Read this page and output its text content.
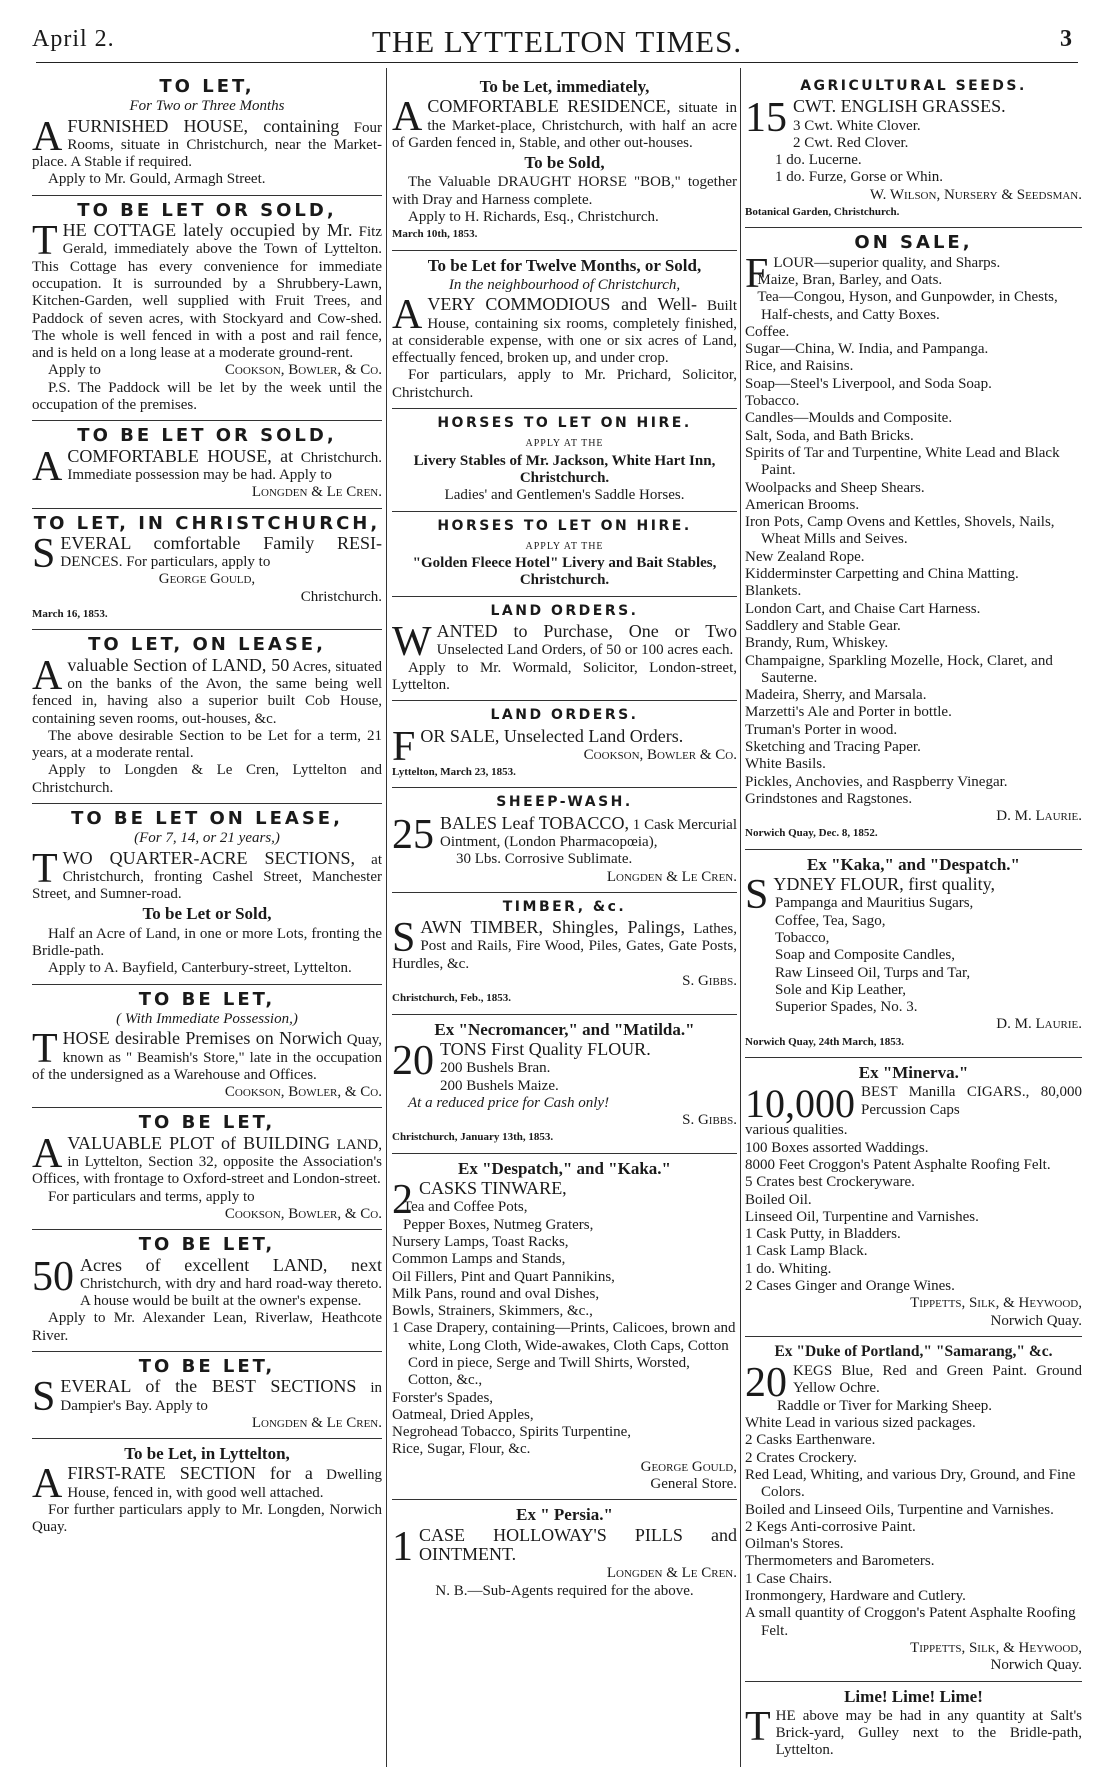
April 2.	THE LYTTELTON TIMES.	3
TO LET,
For Two or Three Months
AFURNISHED HOUSE, containing Four Rooms, situate in Christchurch, near the Market-place. A Stable if required.
Apply to Mr. Gould, Armagh Street.
TO BE LET OR SOLD,
THE COTTAGE lately occupied by Mr. Fitz Gerald, immediately above the Town of Lyttelton. This Cottage has every convenience for immediate occupation. It is surrounded by a Shrubbery-Lawn, Kitchen-Garden, well supplied with Fruit Trees, and Paddock of seven acres, with Stockyard and Cow-shed. The whole is well fenced in with a post and rail fence, and is held on a long lease at a moderate ground-rent.
Apply to	Cookson, Bowler, & Co.
P.S. The Paddock will be let by the week until the occupation of the premises.
TO BE LET OR SOLD,
ACOMFORTABLE HOUSE, at Christchurch. Immediate possession may be had. Apply to
Longden & Le Cren.
TO LET, IN CHRISTCHURCH,
SEVERAL comfortable Family RESI- DENCES. For particulars, apply to
George Gould,
Christchurch.
March 16, 1853.
TO LET, ON LEASE,
Avaluable Section of LAND, 50 Acres, situated on the banks of the Avon, the same being well fenced in, having also a superior built Cob House, containing seven rooms, out-houses, &c.
The above desirable Section to be Let for a term, 21 years, at a moderate rental.
Apply to Longden & Le Cren, Lyttelton and Christchurch.
TO BE LET ON LEASE,
(For 7, 14, or 21 years,)
TWO QUARTER-ACRE SECTIONS, at Christchurch, fronting Cashel Street, Manchester Street, and Sumner-road.
To be Let or Sold,
Half an Acre of Land, in one or more Lots, fronting the Bridle-path.
Apply to A. Bayfield, Canterbury-street, Lyttelton.
TO BE LET,
( With Immediate Possession,)
THOSE desirable Premises on Norwich Quay, known as " Beamish's Store," late in the occupation of the undersigned as a Warehouse and Offices.
Cookson, Bowler, & Co.
TO BE LET,
AVALUABLE PLOT of BUILDING LAND, in Lyttelton, Section 32, opposite the Association's Offices, with frontage to Oxford-street and London-street.
For particulars and terms, apply to
Cookson, Bowler, & Co.
TO BE LET,
50 Acres of excellent LAND, next Christchurch, with dry and hard road-way thereto. A house would be built at the owner's expense.
Apply to Mr. Alexander Lean, Riverlaw, Heathcote River.
TO BE LET,
SEVERAL of the BEST SECTIONS in Dampier's Bay. Apply to
Longden & Le Cren.
To be Let, in Lyttelton,
AFIRST-RATE SECTION for a Dwelling House, fenced in, with good well attached.
For further particulars apply to Mr. Longden, Norwich Quay.
To be Let, immediately,
ACOMFORTABLE RESIDENCE, situate in the Market-place, Christchurch, with half an acre of Garden fenced in, Stable, and other out-houses.
To be Sold,
The Valuable DRAUGHT HORSE "BOB," together with Dray and Harness complete.
Apply to H. Richards, Esq., Christchurch.
March 10th, 1853.
To be Let for Twelve Months, or Sold,
In the neighbourhood of Christchurch,
AVERY COMMODIOUS and Well- Built House, containing six rooms, completely finished, at considerable expense, with one or six acres of Land, effectually fenced, broken up, and under crop.
For particulars, apply to Mr. Prichard, Solicitor, Christchurch.
HORSES TO LET ON HIRE.
APPLY AT THE
Livery Stables of Mr. Jackson, White Hart Inn, Christchurch.
Ladies' and Gentlemen's Saddle Horses.
HORSES TO LET ON HIRE.
APPLY AT THE
"Golden Fleece Hotel" Livery and Bait Stables, Christchurch.
LAND ORDERS.
WANTED to Purchase, One or Two Unselected Land Orders, of 50 or 100 acres each.
Apply to Mr. Wormald, Solicitor, London-street, Lyttelton.
LAND ORDERS.
FOR SALE, Unselected Land Orders.
Cookson, Bowler & Co.
Lyttelton, March 23, 1853.
SHEEP-WASH.
25 BALES Leaf TOBACCO, 1 Cask Mercurial Ointment, (London Pharmacopœia),
30 Lbs. Corrosive Sublimate.
Longden & Le Cren.
TIMBER, &c.
SAWN TIMBER, Shingles, Palings, Lathes, Post and Rails, Fire Wood, Piles, Gates, Gate Posts, Hurdles, &c.
S. Gibbs.
Christchurch, Feb., 1853.
Ex "Necromancer," and "Matilda."
20 TONS First Quality FLOUR.
200 Bushels Bran.
200 Bushels Maize.
At a reduced price for Cash only!
S. Gibbs.
Christchurch, January 13th, 1853.
Ex "Despatch," and "Kaka."
2 CASKS TINWARE,
Tea and Coffee Pots,
Pepper Boxes, Nutmeg Graters,
Nursery Lamps, Toast Racks,
Common Lamps and Stands,
Oil Fillers, Pint and Quart Pannikins,
Milk Pans, round and oval Dishes,
Bowls, Strainers, Skimmers, &c.,
1 Case Drapery, containing—Prints, Calicoes, brown and white, Long Cloth, Wide-awakes, Cloth Caps, Cotton Cord in piece, Serge and Twill Shirts, Worsted, Cotton, &c.,
Forster's Spades,
Oatmeal, Dried Apples,
Negrohead Tobacco, Spirits Turpentine,
Rice, Sugar, Flour, &c.
George Gould,
General Store.
Ex " Persia."
1 CASE HOLLOWAY'S PILLS and OINTMENT.
Longden & Le Cren.
N. B.—Sub-Agents required for the above.
AGRICULTURAL SEEDS.
15 CWT. ENGLISH GRASSES.
3 Cwt. White Clover.
2 Cwt. Red Clover.
1 do. Lucerne.
1 do. Furze, Gorse or Whin.
W. Wilson, Nursery & Seedsman.
Botanical Garden, Christchurch.
ON SALE,
FLOUR—superior quality, and Sharps.
Maize, Bran, Barley, and Oats.
Tea—Congou, Hyson, and Gunpowder, in Chests, Half-chests, and Catty Boxes.
Coffee.
Sugar—China, W. India, and Pampanga.
Rice, and Raisins.
Soap—Steel's Liverpool, and Soda Soap.
Tobacco.
Candles—Moulds and Composite.
Salt, Soda, and Bath Bricks.
Spirits of Tar and Turpentine, White Lead and Black Paint.
Woolpacks and Sheep Shears.
American Brooms.
Iron Pots, Camp Ovens and Kettles, Shovels, Nails, Wheat Mills and Seives.
New Zealand Rope.
Kidderminster Carpetting and China Matting.
Blankets.
London Cart, and Chaise Cart Harness.
Saddlery and Stable Gear.
Brandy, Rum, Whiskey.
Champaigne, Sparkling Mozelle, Hock, Claret, and Sauterne.
Madeira, Sherry, and Marsala.
Marzetti's Ale and Porter in bottle.
Truman's Porter in wood.
Sketching and Tracing Paper.
White Basils.
Pickles, Anchovies, and Raspberry Vinegar.
Grindstones and Ragstones.
D. M. Laurie.
Norwich Quay, Dec. 8, 1852.
Ex "Kaka," and "Despatch."
SYDNEY FLOUR, first quality,
Pampanga and Mauritius Sugars,
Coffee, Tea, Sago,
Tobacco,
Soap and Composite Candles,
Raw Linseed Oil, Turps and Tar,
Sole and Kip Leather,
Superior Spades, No. 3.
D. M. Laurie.
Norwich Quay, 24th March, 1853.
Ex "Minerva."
10,000 BEST Manilla CIGARS., 80,000 Percussion Caps
various qualities.
100 Boxes assorted Waddings.
8000 Feet Croggon's Patent Asphalte Roofing Felt.
5 Crates best Crockeryware.
Boiled Oil.
Linseed Oil, Turpentine and Varnishes.
1 Cask Putty, in Bladders.
1 Cask Lamp Black.
1 do. Whiting.
2 Cases Ginger and Orange Wines.
Tippetts, Silk, & Heywood,
Norwich Quay.
Ex "Duke of Portland," "Samarang," &c.
20 KEGS Blue, Red and Green Paint. Ground Yellow Ochre.
Raddle or Tiver for Marking Sheep.
White Lead in various sized packages.
2 Casks Earthenware.
2 Crates Crockery.
Red Lead, Whiting, and various Dry, Ground, and Fine Colors.
Boiled and Linseed Oils, Turpentine and Varnishes.
2 Kegs Anti-corrosive Paint.
Oilman's Stores.
Thermometers and Barometers.
1 Case Chairs.
Ironmongery, Hardware and Cutlery.
A small quantity of Croggon's Patent Asphalte Roofing Felt.
Tippetts, Silk, & Heywood,
Norwich Quay.
Lime! Lime! Lime!
THE above may be had in any quantity at Salt's Brick-yard, Gulley next to the Bridle-path, Lyttelton.
